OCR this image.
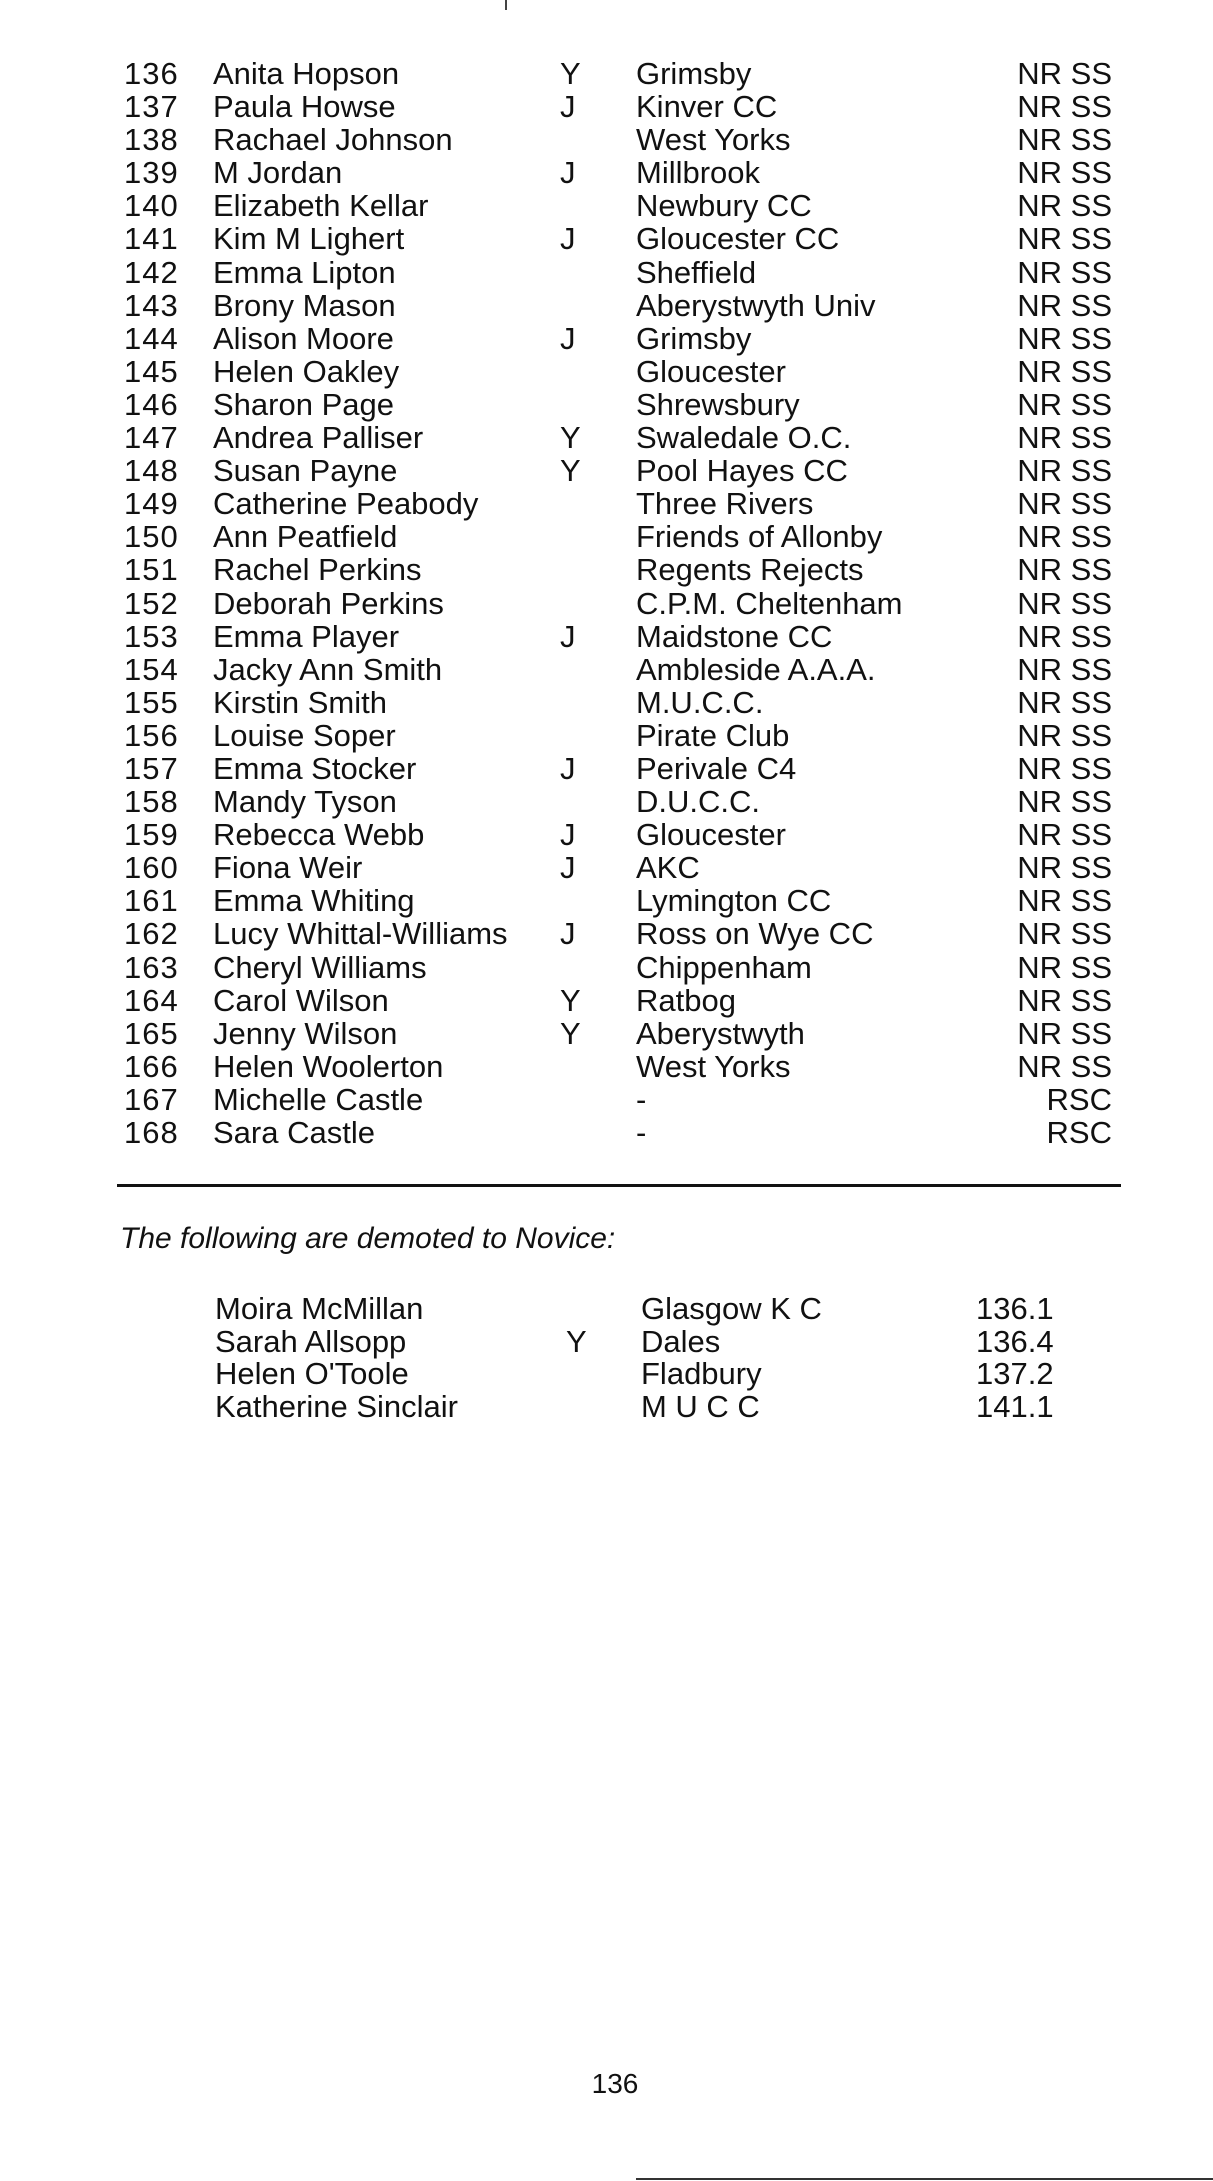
136	Anita Hopson	Y Grimsby	NR SS
137	Paula Howse	J Kinver CC	NR SS
138	Rachael Johnson	West Yorks	NR SS
139	M Jordan	J Millbrook	NR SS
140	Elizabeth Kellar	Newbury CC	NR SS
141	Kim M Lighert	J Gloucester CC	NR SS
142	Emma Lipton	Sheffield	NR SS
143	Brony Mason	Aberystwyth Univ	NR SS
144	Alison Moore	J Grimsby	NR SS
145	Helen Oakley	Gloucester	NR SS
146	Sharon Page	Shrewsbury	NR SS
147	Andrea Palliser	Y Swaledale O.C.	NR SS
148	Susan Payne	Y Pool Hayes CC	NR SS
149	Catherine Peabody	Three Rivers	NR SS
150	Ann Peatfield	Friends of Allonby	NR SS
151	Rachel Perkins	Regents Rejects	NR SS
152	Deborah Perkins	C.P.M. Cheltenham	NR SS
153	Emma Player	J Maidstone CC	NR SS
154	Jacky Ann Smith	Ambleside A.A.A.	NR SS
155	Kirstin Smith	M.U.C.C.	NR SS
156	Louise Soper	Pirate Club	NR SS
157	Emma Stocker	J Perivale C4	NR SS
158	Mandy Tyson	D.U.C.C.	NR SS
159	Rebecca Webb	J Gloucester	NR SS
160	Fiona Weir	J AKC	NR SS
161	Emma Whiting	Lymington CC	NR SS
162	Lucy Whittal-Williams J Ross on Wye CC	NR SS
163	Cheryl Williams	Chippenham	NR SS
164	Carol Wilson	Y Ratbog	NR SS
165	Jenny Wilson	Y Aberystwyth	NR SS
166	Helen Woolerton	West Yorks	NR SS
167	Michelle Castle	-	RSC
168	Sara Castle	-	RSC
The following are demoted to Novice:
Moira McMillan	Glasgow K C	136.1
Sarah Allsopp	Y Dales	136.4
Helen O'Toole	Fladbury	137.2
Katherine Sinclair	M U C C	141.1
136
